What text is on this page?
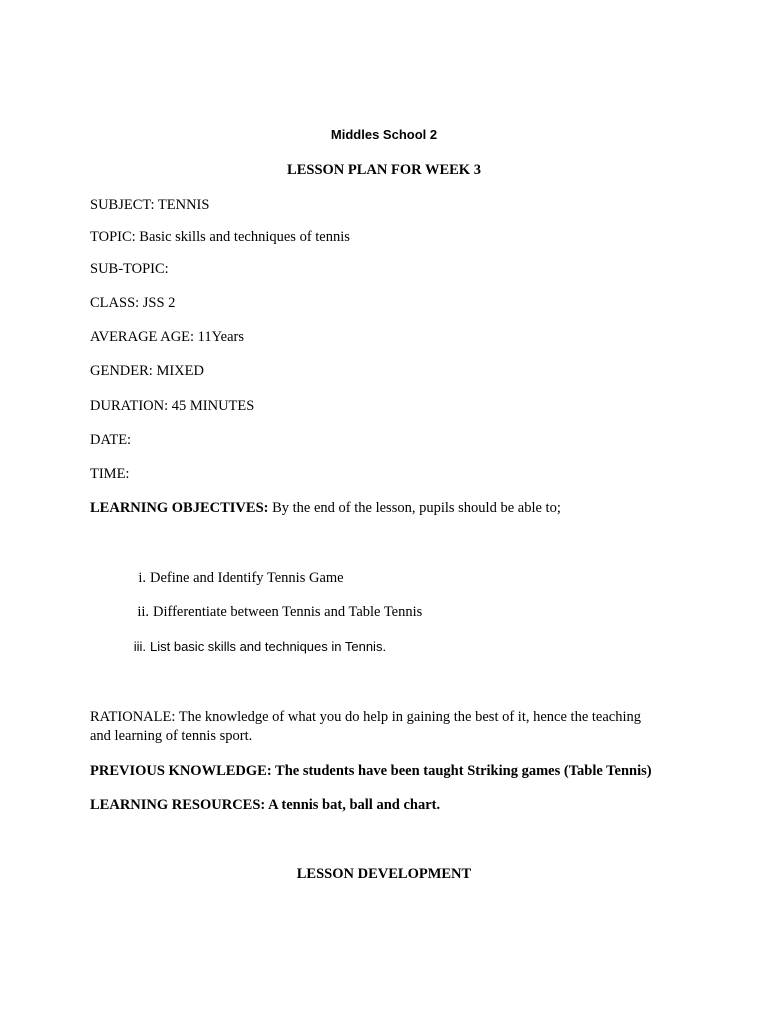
Middles School 2
LESSON PLAN FOR WEEK 3
SUBJECT: TENNIS
TOPIC: Basic skills and techniques of tennis
SUB-TOPIC:
CLASS: JSS 2
AVERAGE AGE: 11Years
GENDER: MIXED
DURATION: 45 MINUTES
DATE:
TIME:
LEARNING OBJECTIVES: By the end of the lesson, pupils should be able to;
i. Define and Identify Tennis Game
ii. Differentiate between Tennis and Table Tennis
iii. List basic skills and techniques in Tennis.
RATIONALE: The knowledge of what you do help in gaining the best of it, hence the teaching and learning of tennis sport.
PREVIOUS KNOWLEDGE: The students have been taught Striking games (Table Tennis)
LEARNING RESOURCES: A tennis bat, ball and chart.
LESSON DEVELOPMENT
